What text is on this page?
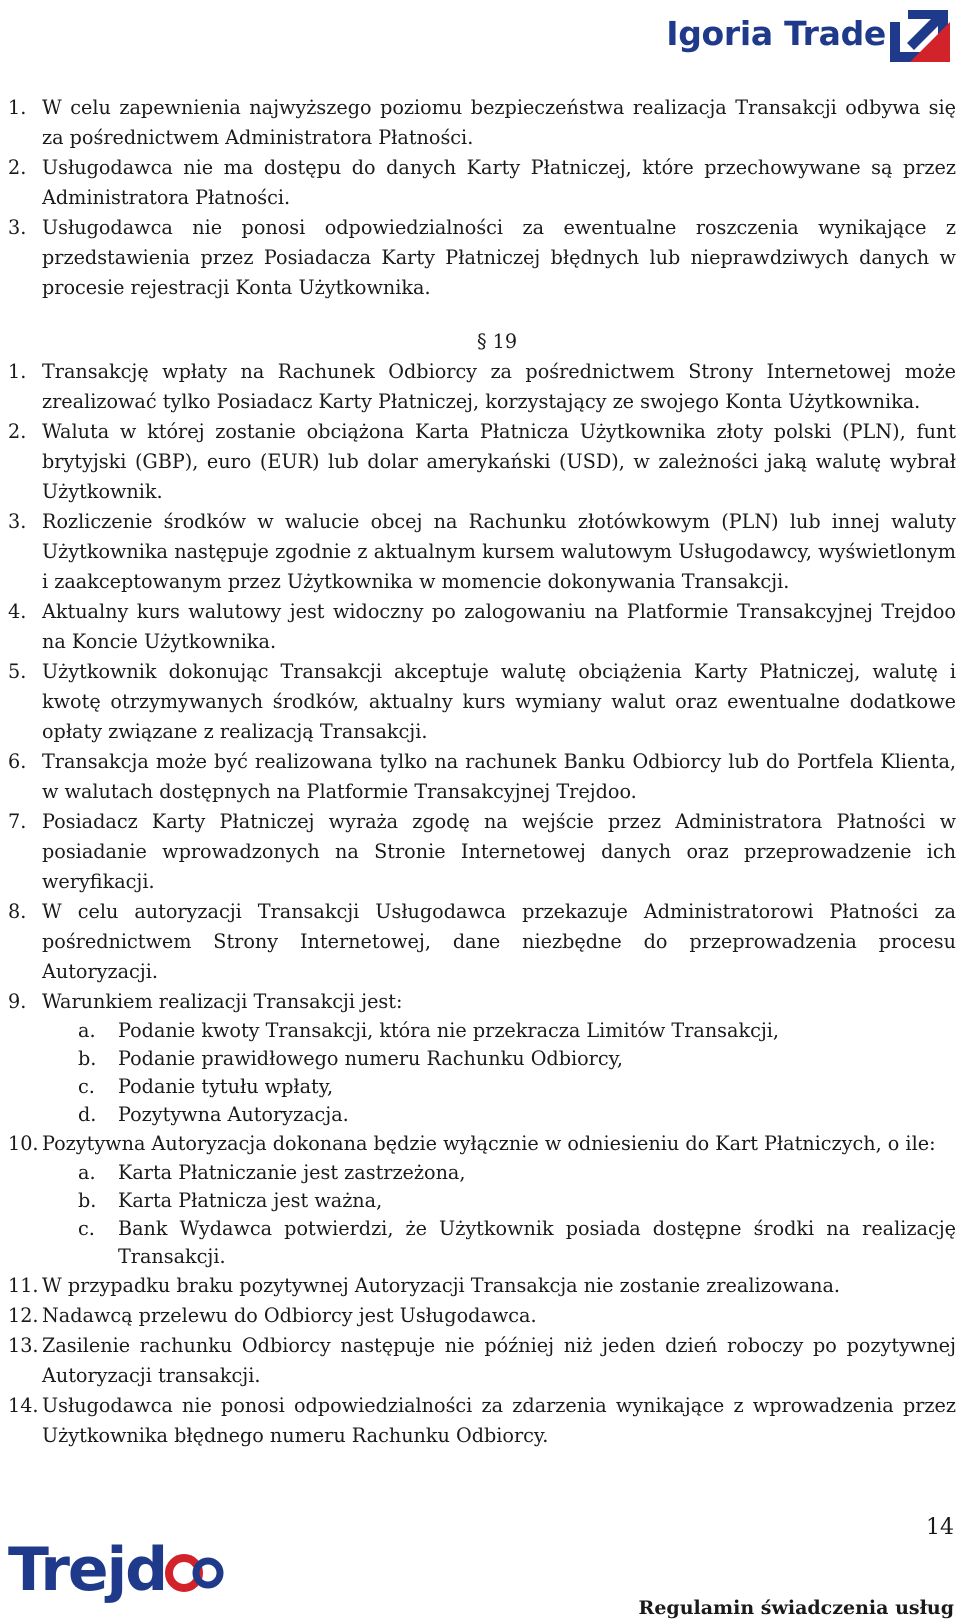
Igoria Trade
1. W celu zapewnienia najwyższego poziomu bezpieczeństwa realizacja Transakcji odbywa się za pośrednictwem Administratora Płatności.
2. Usługodawca nie ma dostępu do danych Karty Płatniczej, które przechowywane są przez Administratora Płatności.
3. Usługodawca nie ponosi odpowiedzialności za ewentualne roszczenia wynikające z przedstawienia przez Posiadacza Karty Płatniczej błędnych lub nieprawdziwych danych w procesie rejestracji Konta Użytkownika.
§ 19
1. Transakcję wpłaty na Rachunek Odbiorcy za pośrednictwem Strony Internetowej może zrealizować tylko Posiadacz Karty Płatniczej, korzystający ze swojego Konta Użytkownika.
2. Waluta w której zostanie obciążona Karta Płatnicza Użytkownika złoty polski (PLN), funt brytyjski (GBP), euro (EUR) lub dolar amerykański (USD), w zależności jaką walutę wybrał Użytkownik.
3. Rozliczenie środków w walucie obcej na Rachunku złotówkowym (PLN) lub innej waluty Użytkownika następuje zgodnie z aktualnym kursem walutowym Usługodawcy, wyświetlonym i zaakceptowanym przez Użytkownika w momencie dokonywania Transakcji.
4. Aktualny kurs walutowy jest widoczny po zalogowaniu na Platformie Transakcyjnej Trejdoo na Koncie Użytkownika.
5. Użytkownik dokonując Transakcji akceptuje walutę obciążenia Karty Płatniczej, walutę i kwotę otrzymywanych środków, aktualny kurs wymiany walut oraz ewentualne dodatkowe opłaty związane z realizacją Transakcji.
6. Transakcja może być realizowana tylko na rachunek Banku Odbiorcy lub do Portfela Klienta, w walutach dostępnych na Platformie Transakcyjnej Trejdoo.
7. Posiadacz Karty Płatniczej wyraża zgodę na wejście przez Administratora Płatności w posiadanie wprowadzonych na Stronie Internetowej danych oraz przeprowadzenie ich weryfikacji.
8. W celu autoryzacji Transakcji Usługodawca przekazuje Administratorowi Płatności za pośrednictwem Strony Internetowej, dane niezbędne do przeprowadzenia procesu Autoryzacji.
9. Warunkiem realizacji Transakcji jest:
a.	Podanie kwoty Transakcji, która nie przekracza Limitów Transakcji,
b.	Podanie prawidłowego numeru Rachunku Odbiorcy,
c.	Podanie tytułu wpłaty,
d.	Pozytywna Autoryzacja.
10. Pozytywna Autoryzacja dokonana będzie wyłącznie w odniesieniu do Kart Płatniczych, o ile:
a.	Karta Płatniczanie jest zastrzeżona,
b.	Karta Płatnicza jest ważna,
c.	Bank Wydawca potwierdzi, że Użytkownik posiada dostępne środki na realizację Transakcji.
11. W przypadku braku pozytywnej Autoryzacji Transakcja nie zostanie zrealizowana.
12. Nadawcą przelewu do Odbiorcy jest Usługodawca.
13. Zasilenie rachunku Odbiorcy następuje nie później niż jeden dzień roboczy po pozytywnej Autoryzacji transakcji.
14. Usługodawca nie ponosi odpowiedzialności za zdarzenia wynikające z wprowadzenia przez Użytkownika błędnego numeru Rachunku Odbiorcy.
14
Trejd
Regulamin świadczenia usług
